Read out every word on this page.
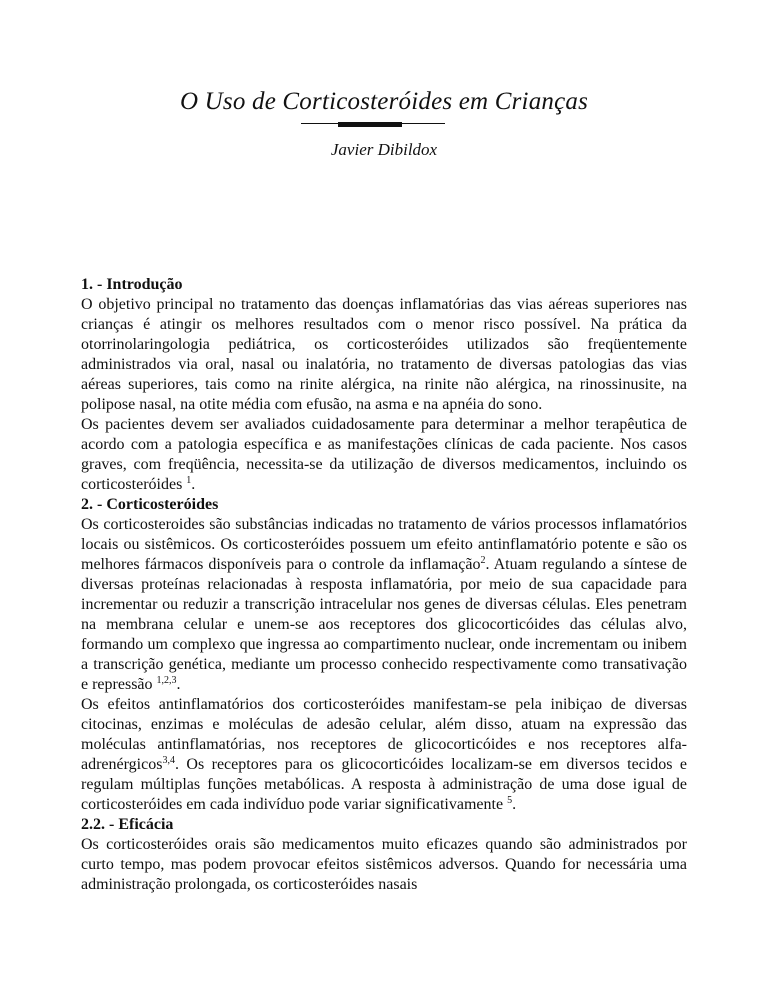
O Uso de Corticosteróides em Crianças
Javier Dibildox
1. - Introdução

O objetivo principal no tratamento das doenças inflamatórias das vias aéreas superiores nas crianças é atingir os melhores resultados com o menor risco possível. Na prática da otorrinolaringologia pediátrica, os corticosteróides utilizados são freqüentemente administrados via oral, nasal ou inalatória, no tratamento de diversas patologias das vias aéreas superiores, tais como na rinite alérgica, na rinite não alérgica, na rinossinusite, na polipose nasal, na otite média com efusão, na asma e na apnéia do sono.

Os pacientes devem ser avaliados cuidadosamente para determinar a melhor terapêutica de acordo com a patologia específica e as manifestações clínicas de cada paciente. Nos casos graves, com freqüência, necessita-se da utilização de diversos medicamentos, incluindo os corticosteróides $^1$.

2. - Corticosteróides

Os corticosteroides são substâncias indicadas no tratamento de vários processos inflamatórios locais ou sistêmicos. Os corticosteróides possuem um efeito antinflamatório potente e são os melhores fármacos disponíveis para o controle da inflamação$^2$. Atuam regulando a síntese de diversas proteínas relacionadas à resposta inflamatória, por meio de sua capacidade para incrementar ou reduzir a transcrição intracelular nos genes de diversas células. Eles penetram na membrana celular e unem-se aos receptores dos glicocorticóides das células alvo, formando um complexo que ingressa ao compartimento nuclear, onde incrementam ou inibem a transcrição genética, mediante um processo conhecido respectivamente como transativação e repressão $^{1,2,3}$.

Os efeitos antinflamatórios dos corticosteróides manifestam-se pela inibiçao de diversas citocinas, enzimas e moléculas de adesão celular, além disso, atuam na expressão das moléculas antinflamatórias, nos receptores de glicocorticóides e nos receptores alfa-adrenérgicos$^{3,4}$. Os receptores para os glicocorticóides localizam-se em diversos tecidos e regulam múltiplas funções metabólicas. A resposta à administração de uma dose igual de corticosteróides em cada indivíduo pode variar significativamente $^5$.

2.2. - Eficácia

Os corticosteróides orais são medicamentos muito eficazes quando são administrados por curto tempo, mas podem provocar efeitos sistêmicos adversos. Quando for necessária uma administração prolongada, os corticosteróides nasais
